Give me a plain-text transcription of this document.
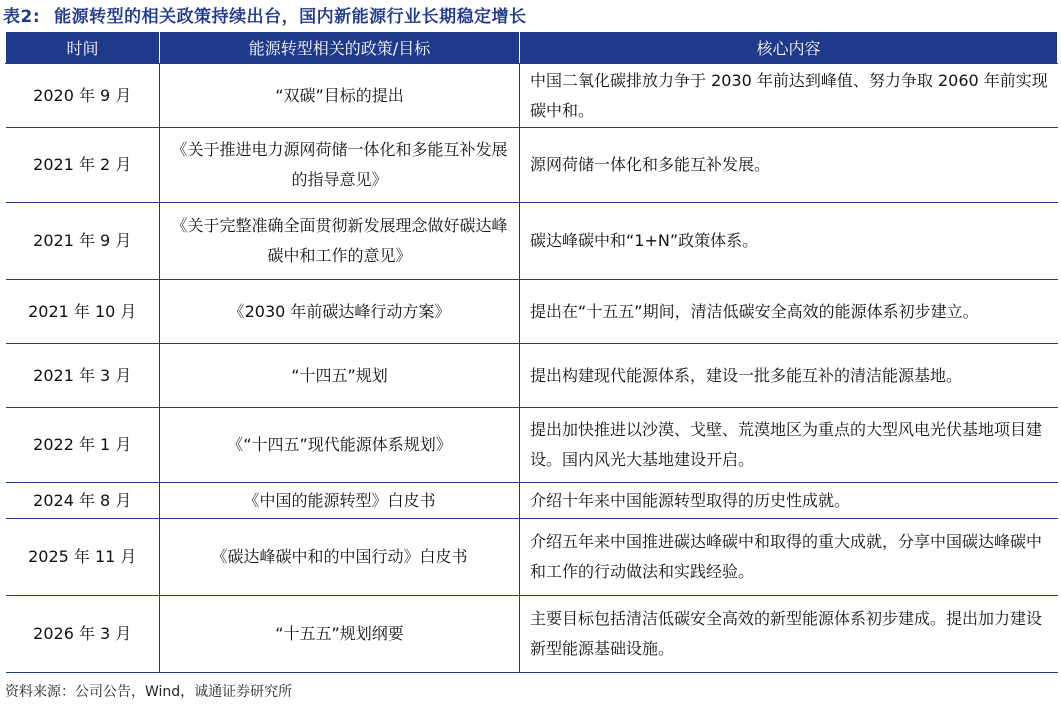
表2: 能源转型的相关政策持续出台，国内新能源行业长期稳定增长
时间	能源转型相关的政策/目标	核心内容
2020 年 9 月	“双碳”目标的提出	中国二氧化碳排放力争于 2030 年前达到峰值、努力争取 2060 年前实现碳中和。
2021 年 2 月	《关于推进电力源网荷储一体化和多能互补发展的指导意见》	源网荷储一体化和多能互补发展。
2021 年 9 月	《关于完整准确全面贯彻新发展理念做好碳达峰碳中和工作的意见》	碳达峰碳中和“1+N”政策体系。
2021 年 10 月	《2030 年前碳达峰行动方案》	提出在“十五五”期间，清洁低碳安全高效的能源体系初步建立。
2021 年 3 月	“十四五”规划	提出构建现代能源体系，建设一批多能互补的清洁能源基地。
2022 年 1 月	《“十四五”现代能源体系规划》	提出加快推进以沙漠、戈壁、荒漠地区为重点的大型风电光伏基地项目建设。国内风光大基地建设开启。
2024 年 8 月	《中国的能源转型》白皮书	介绍十年来中国能源转型取得的历史性成就。
2025 年 11 月	《碳达峰碳中和的中国行动》白皮书	介绍五年来中国推进碳达峰碳中和取得的重大成就，分享中国碳达峰碳中和工作的行动做法和实践经验。
2026 年 3 月	“十五五”规划纲要	主要目标包括清洁低碳安全高效的新型能源体系初步建成。提出加力建设新型能源基础设施。
资料来源：公司公告，Wind，诚通证券研究所
